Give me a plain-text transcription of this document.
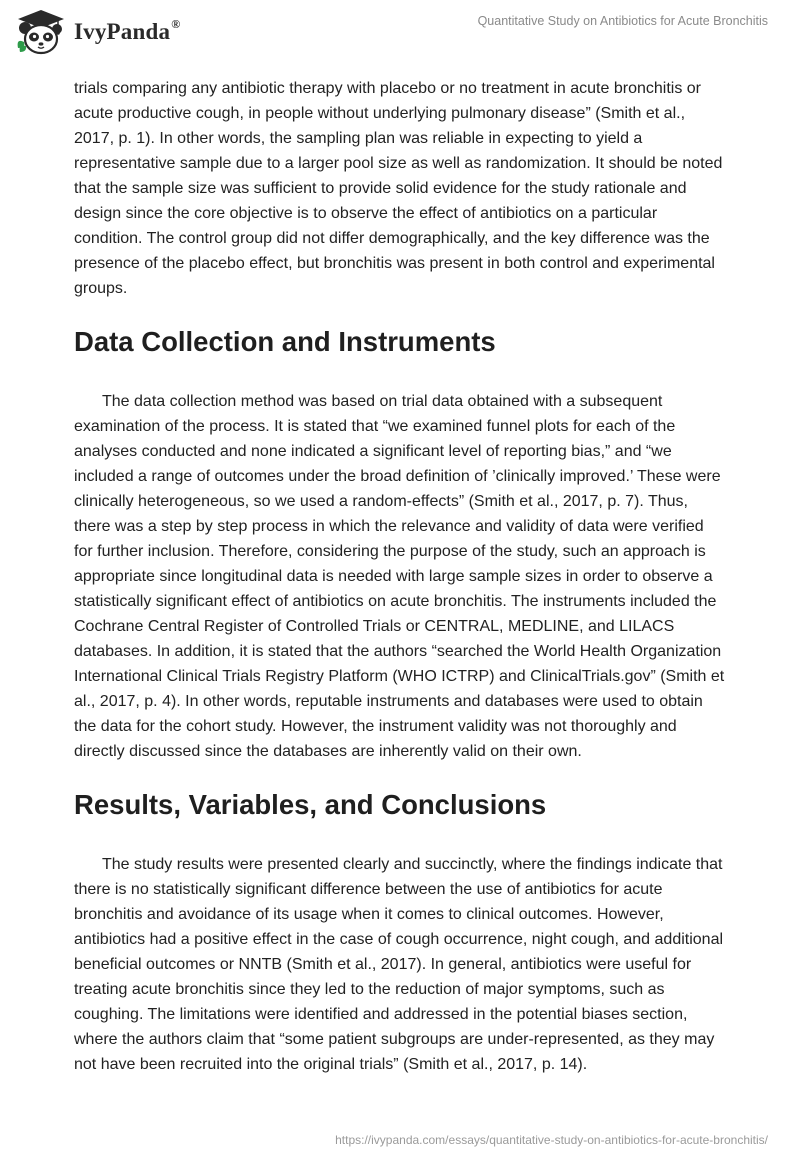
IvyPanda®	Quantitative Study on Antibiotics for Acute Bronchitis

trials comparing any antibiotic therapy with placebo or no treatment in acute bronchitis or acute productive cough, in people without underlying pulmonary disease” (Smith et al., 2017, p. 1). In other words, the sampling plan was reliable in expecting to yield a representative sample due to a larger pool size as well as randomization. It should be noted that the sample size was sufficient to provide solid evidence for the study rationale and design since the core objective is to observe the effect of antibiotics on a particular condition. The control group did not differ demographically, and the key difference was the presence of the placebo effect, but bronchitis was present in both control and experimental groups.

Data Collection and Instruments

The data collection method was based on trial data obtained with a subsequent examination of the process. It is stated that “we examined funnel plots for each of the analyses conducted and none indicated a significant level of reporting bias,” and “we included a range of outcomes under the broad definition of ’clinically improved.’ These were clinically heterogeneous, so we used a random-effects” (Smith et al., 2017, p. 7). Thus, there was a step by step process in which the relevance and validity of data were verified for further inclusion. Therefore, considering the purpose of the study, such an approach is appropriate since longitudinal data is needed with large sample sizes in order to observe a statistically significant effect of antibiotics on acute bronchitis. The instruments included the Cochrane Central Register of Controlled Trials or CENTRAL, MEDLINE, and LILACS databases. In addition, it is stated that the authors “searched the World Health Organization International Clinical Trials Registry Platform (WHO ICTRP) and ClinicalTrials.gov” (Smith et al., 2017, p. 4). In other words, reputable instruments and databases were used to obtain the data for the cohort study. However, the instrument validity was not thoroughly and directly discussed since the databases are inherently valid on their own.

Results, Variables, and Conclusions

The study results were presented clearly and succinctly, where the findings indicate that there is no statistically significant difference between the use of antibiotics for acute bronchitis and avoidance of its usage when it comes to clinical outcomes. However, antibiotics had a positive effect in the case of cough occurrence, night cough, and additional beneficial outcomes or NNTB (Smith et al., 2017). In general, antibiotics were useful for treating acute bronchitis since they led to the reduction of major symptoms, such as coughing. The limitations were identified and addressed in the potential biases section, where the authors claim that “some patient subgroups are under-represented, as they may not have been recruited into the original trials” (Smith et al., 2017, p. 14).

https://ivypanda.com/essays/quantitative-study-on-antibiotics-for-acute-bronchitis/
